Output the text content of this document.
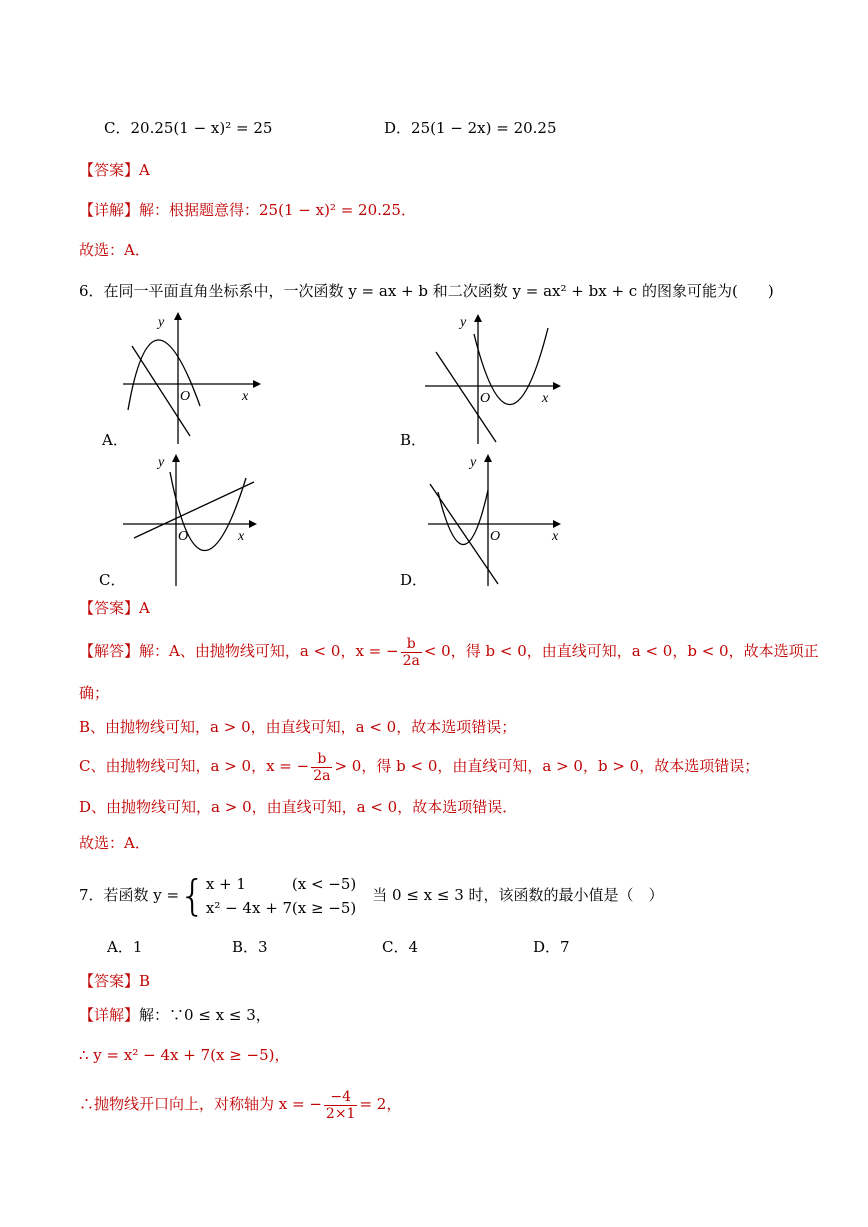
C．20.25(1 − x)² = 25	D．25(1 − 2x) = 20.25
【答案】A
【详解】解：根据题意得：25(1 − x)² = 20.25．
故选：A．
6．在同一平面直角坐标系中，一次函数 y = ax + b 和二次函数 y = ax² + bx + c 的图象可能为(　　)
y
x
O
A．
y
x
O
B．
y
x
O
C．
y
x
O
D．
【答案】A
【解答】解：A、由抛物线可知，a < 0，x = − $\frac{b}{2a} < 0$，得 b < 0，由直线可知，a < 0，b < 0，故本选项正
确；
B、由抛物线可知，a > 0，由直线可知，a < 0，故本选项错误；
C、由抛物线可知，a > 0，x = − $\frac{b}{2a} > 0$，得 b < 0，由直线可知，a > 0，b > 0，故本选项错误；
D、由抛物线可知，a > 0，由直线可知，a < 0，故本选项错误．
故选：A．
7．若函数 y ={ x + 1	(x < −5)
x² − 4x + 7(x ≥ −5)
当 0 ≤ x ≤ 3 时，该函数的最小值是（　）
A．1	B．3	C．4	D．7
【答案】B
【详解】解：∵0 ≤ x ≤ 3，
∴ y = x² − 4x + 7(x ≥ −5)，
∴抛物线开口向上，对称轴为 x = − $\frac{-4}{2\times 1} = 2$，
